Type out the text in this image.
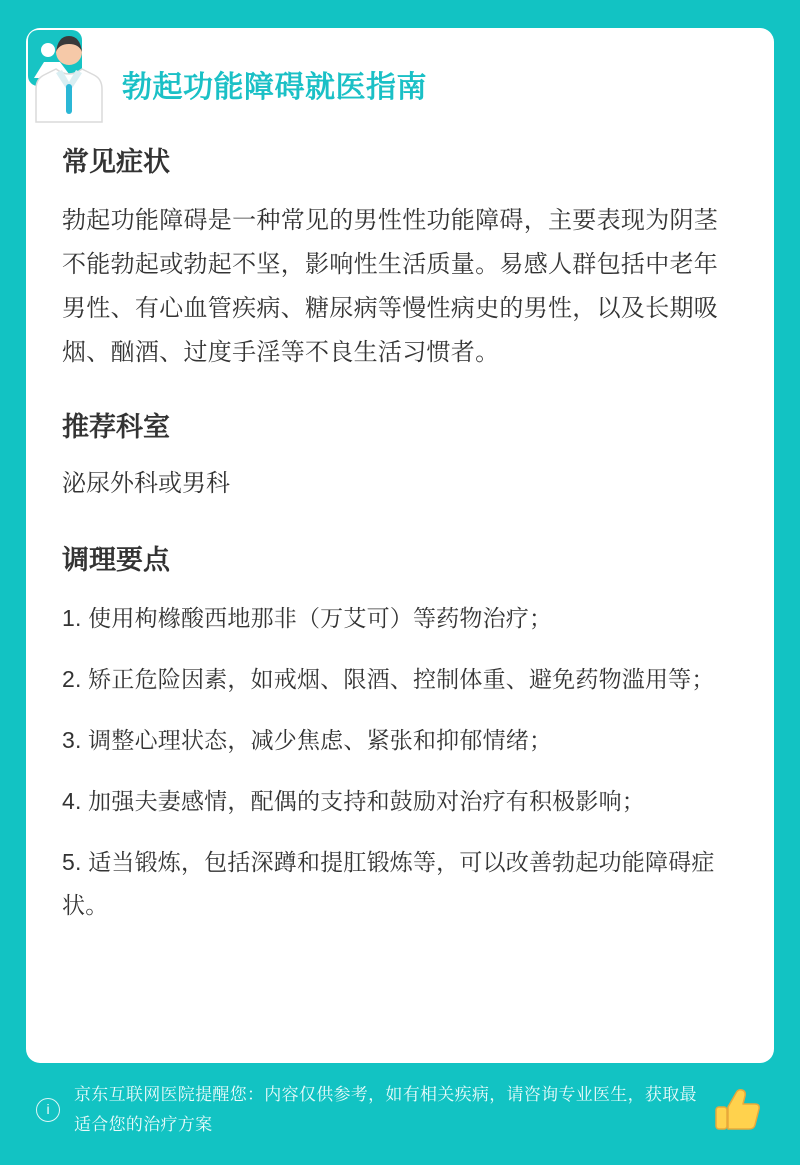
勃起功能障碍就医指南
常见症状

勃起功能障碍是一种常见的男性性功能障碍，主要表现为阴茎不能勃起或勃起不坚，影响性生活质量。易感人群包括中老年男性、有心血管疾病、糖尿病等慢性病史的男性，以及长期吸烟、酗酒、过度手淫等不良生活习惯者。

推荐科室

泌尿外科或男科

调理要点
1. 使用枸橼酸西地那非（万艾可）等药物治疗；
2. 矫正危险因素，如戒烟、限酒、控制体重、避免药物滥用等；
3. 调整心理状态，减少焦虑、紧张和抑郁情绪；
4. 加强夫妻感情，配偶的支持和鼓励对治疗有积极影响；
5. 适当锻炼，包括深蹲和提肛锻炼等，可以改善勃起功能障碍症状。
i
京东互联网医院提醒您：内容仅供参考，如有相关疾病，请咨询专业医生，获取最适合您的治疗方案
